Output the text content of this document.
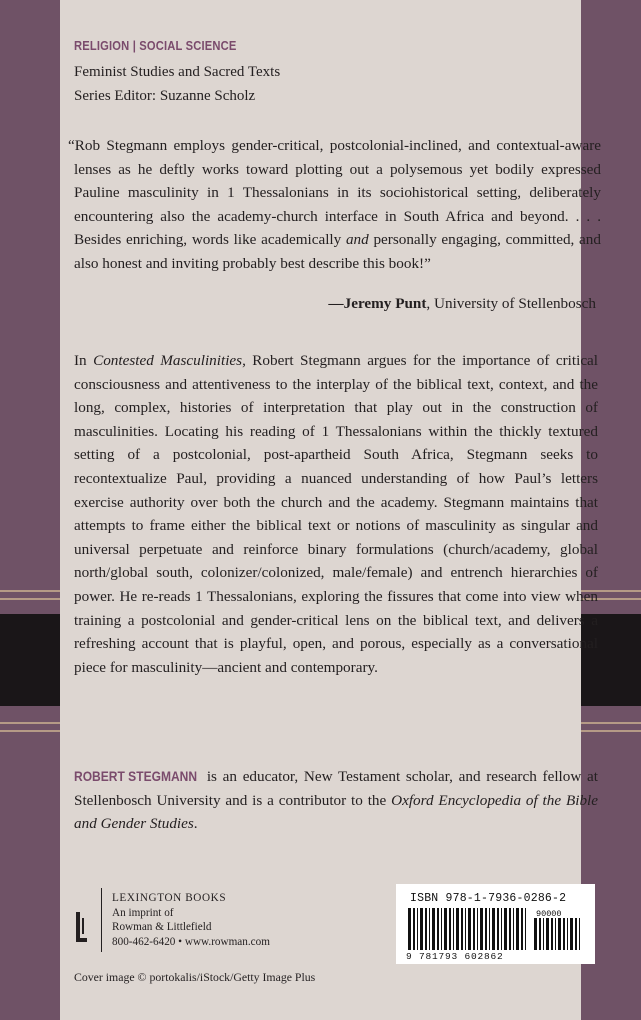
RELIGION | SOCIAL SCIENCE
Feminist Studies and Sacred Texts
Series Editor: Suzanne Scholz
“Rob Stegmann employs gender-critical, postcolonial-inclined, and contextual-aware lenses as he deftly works toward plotting out a polysemous yet bodily expressed Pauline masculinity in 1 Thessalonians in its sociohistorical setting, deliberately encountering also the academy-church interface in South Africa and beyond. . . . Besides enriching, words like academically and personally engaging, committed, and also honest and inviting probably best describe this book!”
—Jeremy Punt, University of Stellenbosch
In Contested Masculinities, Robert Stegmann argues for the importance of critical consciousness and attentiveness to the interplay of the biblical text, context, and the long, complex, histories of interpretation that play out in the construction of masculinities. Locating his reading of 1 Thessalonians within the thickly textured setting of a postcolonial, post-apartheid South Africa, Stegmann seeks to recontextualize Paul, providing a nuanced understanding of how Paul’s letters exercise authority over both the church and the academy. Stegmann maintains that attempts to frame either the biblical text or notions of masculinity as singular and universal perpetuate and reinforce binary formulations (church/academy, global north/global south, colonizer/colonized, male/female) and entrench hierarchies of power. He re-reads 1 Thessalonians, exploring the fissures that come into view when training a postcolonial and gender-critical lens on the biblical text, and delivers a refreshing account that is playful, open, and porous, especially as a conversational piece for masculinity—ancient and contemporary.
ROBERT STEGMANN is an educator, New Testament scholar, and research fellow at Stellenbosch University and is a contributor to the Oxford Encyclopedia of the Bible and Gender Studies.
LEXINGTON BOOKS
An imprint of
Rowman & Littlefield
800-462-6420 • www.rowman.com
ISBN 978-1-7936-0286-2
90000
9 781793 602862
Cover image © portokalis/iStock/Getty Image Plus
